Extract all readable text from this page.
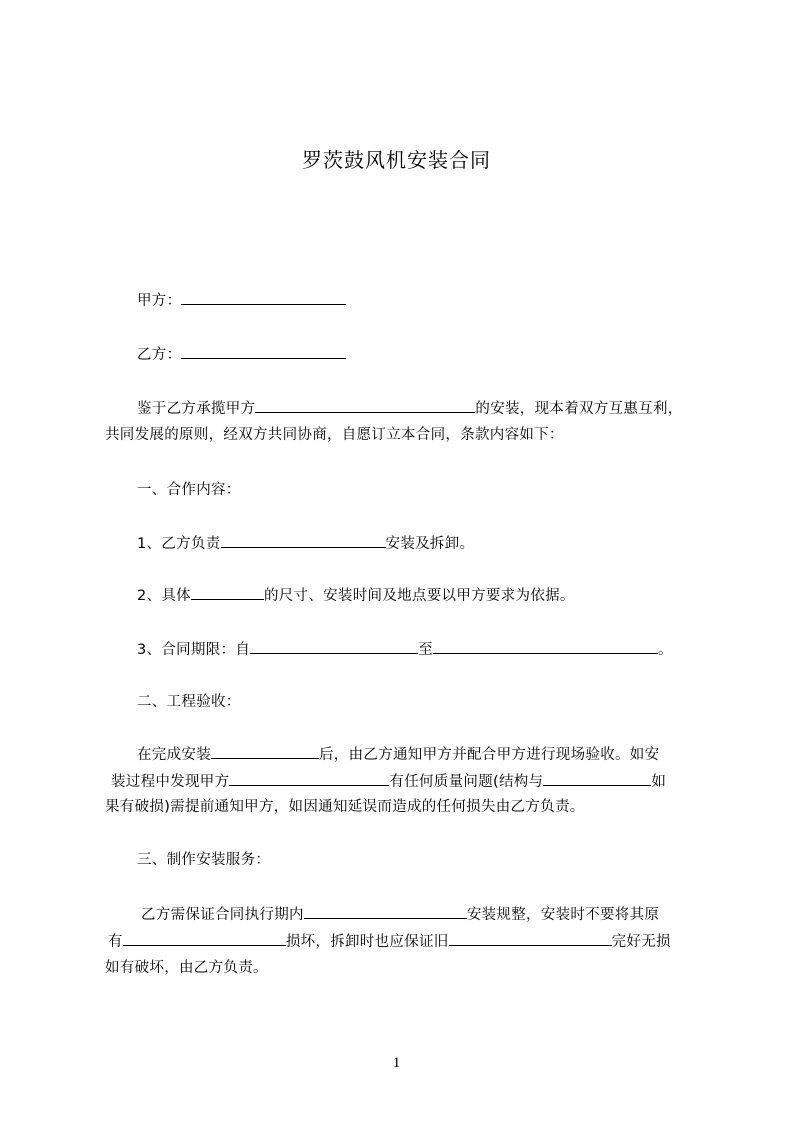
罗茨鼓风机安装合同
甲方：
乙方：
鉴于乙方承揽甲方	的安装，现本着双方互惠互利，
共同发展的原则，经双方共同协商，自愿订立本合同，条款内容如下：
一、合作内容：
1、乙方负责	安装及拆卸。
2、具体	的尺寸、安装时间及地点要以甲方要求为依据。
3、合同期限：自	至	。
二、工程验收：
在完成安装	后，由乙方通知甲方并配合甲方进行现场验收。如安
装过程中发现甲方	有任何质量问题(结构与	如
果有破损)需提前通知甲方，如因通知延误而造成的任何损失由乙方负责。
三、制作安装服务：
乙方需保证合同执行期内	安装规整，安装时不要将其原
有	损坏，拆卸时也应保证旧	完好无损
如有破坏，由乙方负责。
1
